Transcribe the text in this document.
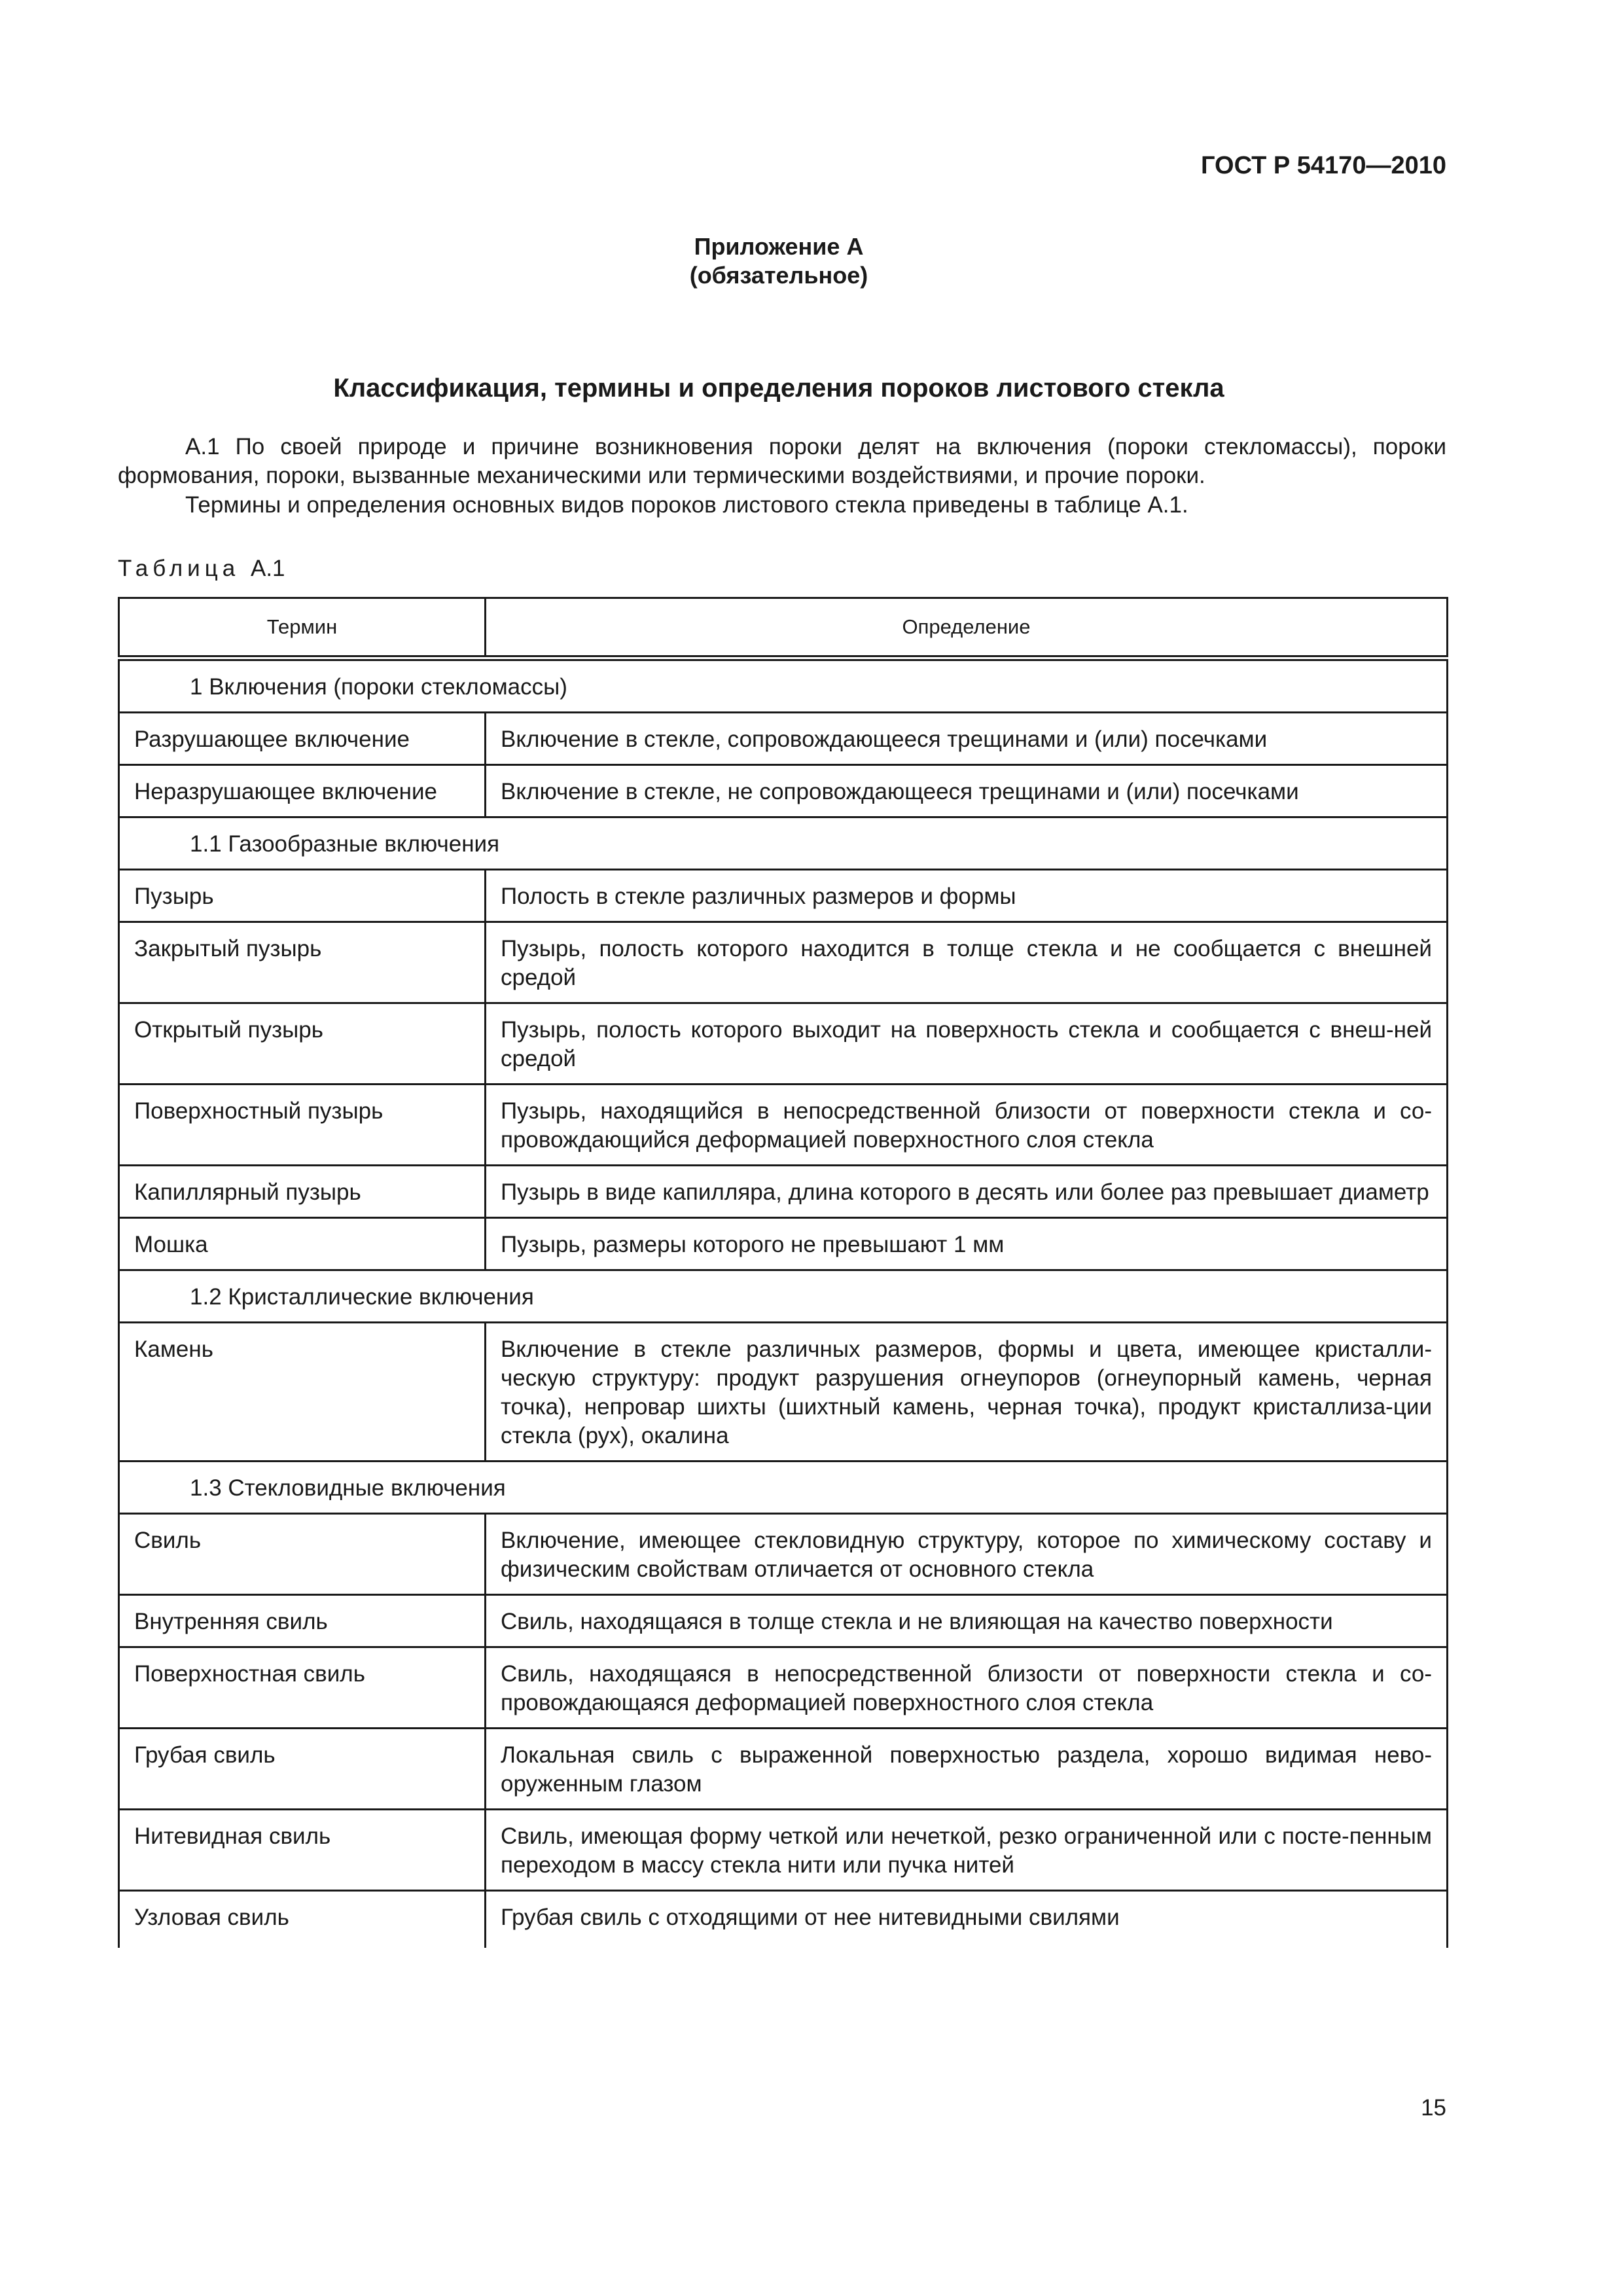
ГОСТ Р 54170—2010
Приложение А
(обязательное)
Классификация, термины и определения пороков листового стекла

А.1 По своей природе и причине возникновения пороки делят на включения (пороки стекломассы), пороки формования, пороки, вызванные механическими или термическими воздействиями, и прочие пороки.

Термины и определения основных видов пороков листового стекла приведены в таблице А.1.

Таблица А.1
Термин	Определение
1 Включения (пороки стекломассы)	
Разрушающее включение	Включение в стекле, сопровождающееся трещинами и (или) посечками
Неразрушающее включение	Включение в стекле, не сопровождающееся трещинами и (или) посечками
1.1 Газообразные включения	
Пузырь	Полость в стекле различных размеров и формы
Закрытый пузырь	Пузырь, полость которого находится в толще стекла и не сообщается с внешней средой
Открытый пузырь	Пузырь, полость которого выходит на поверхность стекла и сообщается с внеш-ней средой
Поверхностный пузырь	Пузырь, находящийся в непосредственной близости от поверхности стекла и со-провождающийся деформацией поверхностного слоя стекла
Капиллярный пузырь	Пузырь в виде капилляра, длина которого в десять или более раз превышает диаметр
Мошка	Пузырь, размеры которого не превышают 1 мм
1.2 Кристаллические включения	
Камень	Включение в стекле различных размеров, формы и цвета, имеющее кристалли-ческую структуру: продукт разрушения огнеупоров (огнеупорный камень, черная точка), непровар шихты (шихтный камень, черная точка), продукт кристаллиза-ции стекла (рух), окалина
1.3 Стекловидные включения	
Свиль	Включение, имеющее стекловидную структуру, которое по химическому составу и физическим свойствам отличается от основного стекла
Внутренняя свиль	Свиль, находящаяся в толще стекла и не влияющая на качество поверхности
Поверхностная свиль	Свиль, находящаяся в непосредственной близости от поверхности стекла и со-провождающаяся деформацией поверхностного слоя стекла
Грубая свиль	Локальная свиль с выраженной поверхностью раздела, хорошо видимая нево-оруженным глазом
Нитевидная свиль	Свиль, имеющая форму четкой или нечеткой, резко ограниченной или с посте-пенным переходом в массу стекла нити или пучка нитей
Узловая свиль	Грубая свиль с отходящими от нее нитевидными свилями
15
